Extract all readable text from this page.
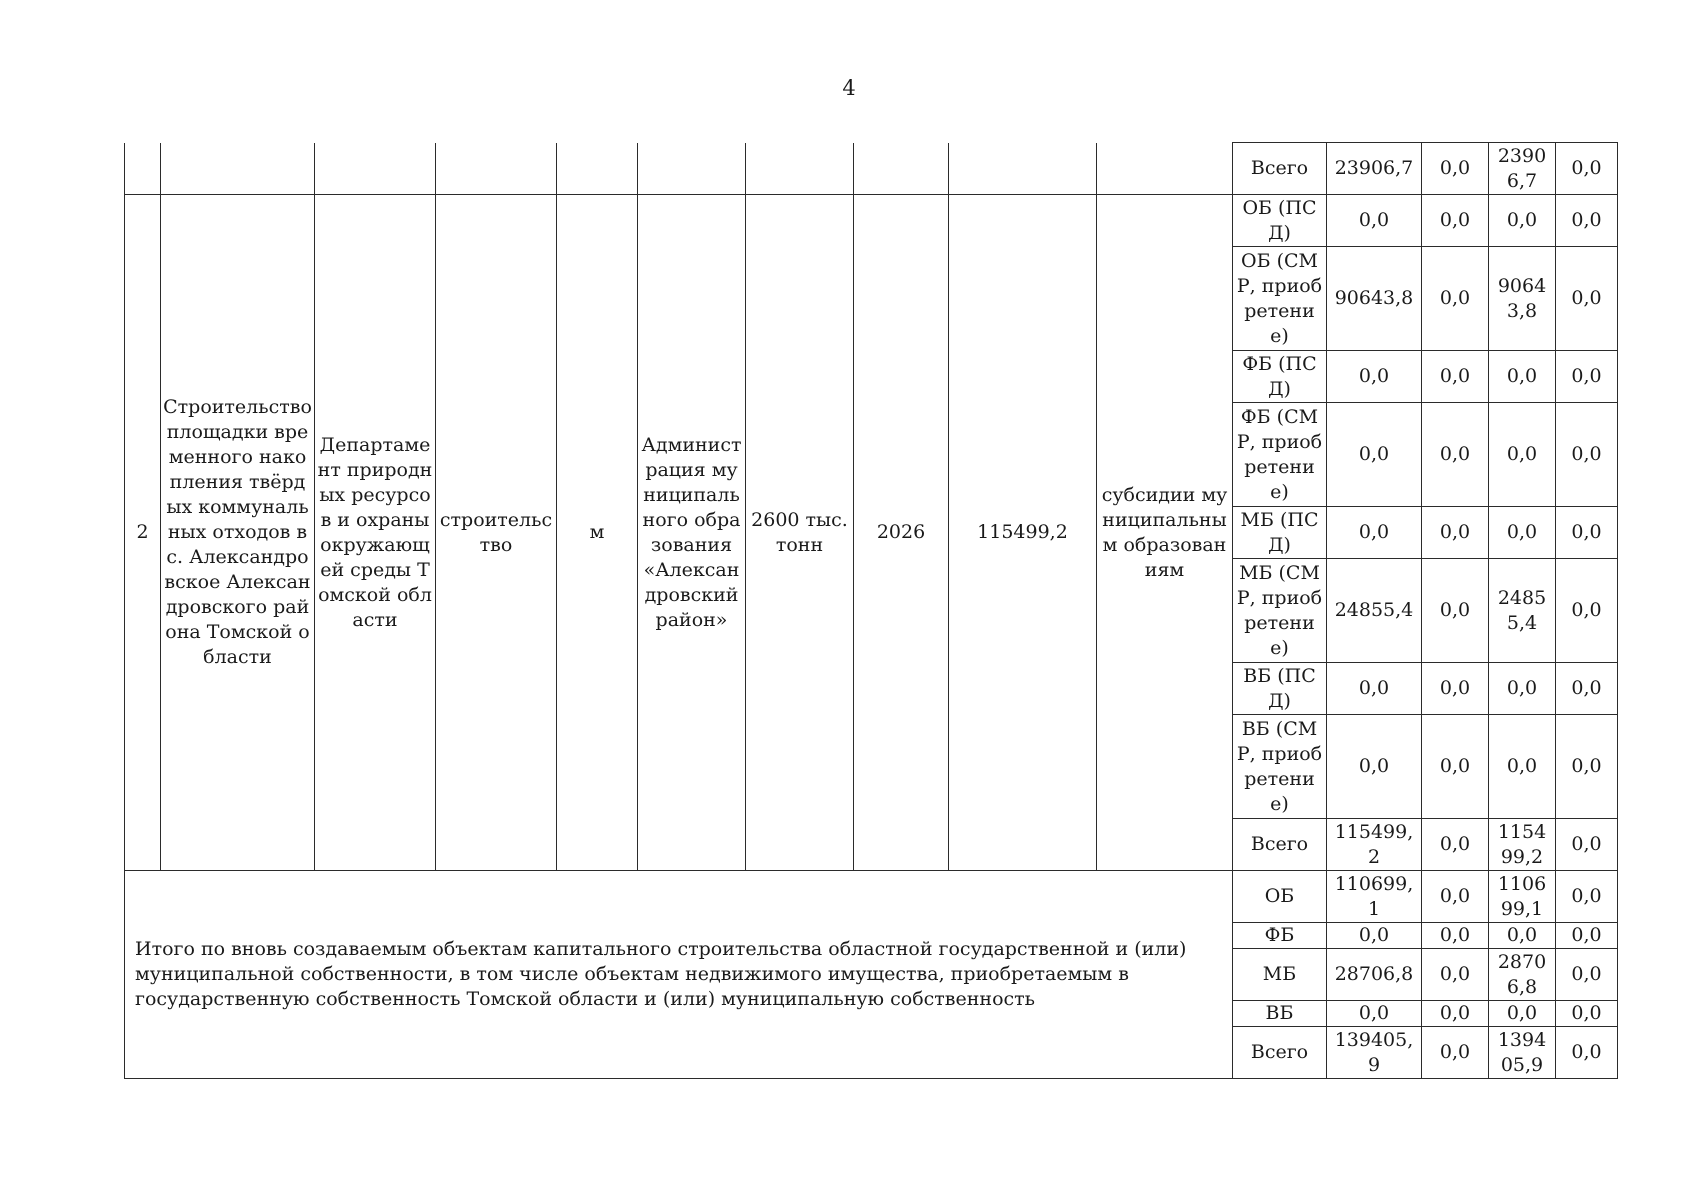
4
										Всего	23906,7	0,0	2390 6,7	0,0
2	Строительство площадки временного накопления твёрдых коммунальных отходов в с. Александровское Александровского района Томской области	Департамент природных ресурсов и охраны окружающей среды Томской области	строительство	м	Администрация муниципального образования «Александровский район»	2600 тыс. тонн	2026	115499,2	субсидии муниципальным образованиям	ОБ (ПСД)	0,0	0,0	0,0	0,0
										ОБ (СМР, приобретение)	90643,8	0,0	9064 3,8	0,0
										ФБ (ПСД)	0,0	0,0	0,0	0,0
										ФБ (СМР, приобретение)	0,0	0,0	0,0	0,0
										МБ (ПСД)	0,0	0,0	0,0	0,0
										МБ (СМР, приобретение)	24855,4	0,0	2485 5,4	0,0
										ВБ (ПСД)	0,0	0,0	0,0	0,0
										ВБ (СМР, приобретение)	0,0	0,0	0,0	0,0
										Всего	115499,2	0,0	1154 99,2	0,0
Итого по вновь создаваемым объектам капитального строительства областной государственной и (или) муниципальной собственности, в том числе объектам недвижимого имущества, приобретаемым в государственную собственность Томской области и (или) муниципальную собственность										ОБ	110699,1	0,0	1106 99,1	0,0
										ФБ	0,0	0,0	0,0	0,0
										МБ	28706,8	0,0	2870 6,8	0,0
										ВБ	0,0	0,0	0,0	0,0
										Всего	139405,9	0,0	1394 05,9	0,0
